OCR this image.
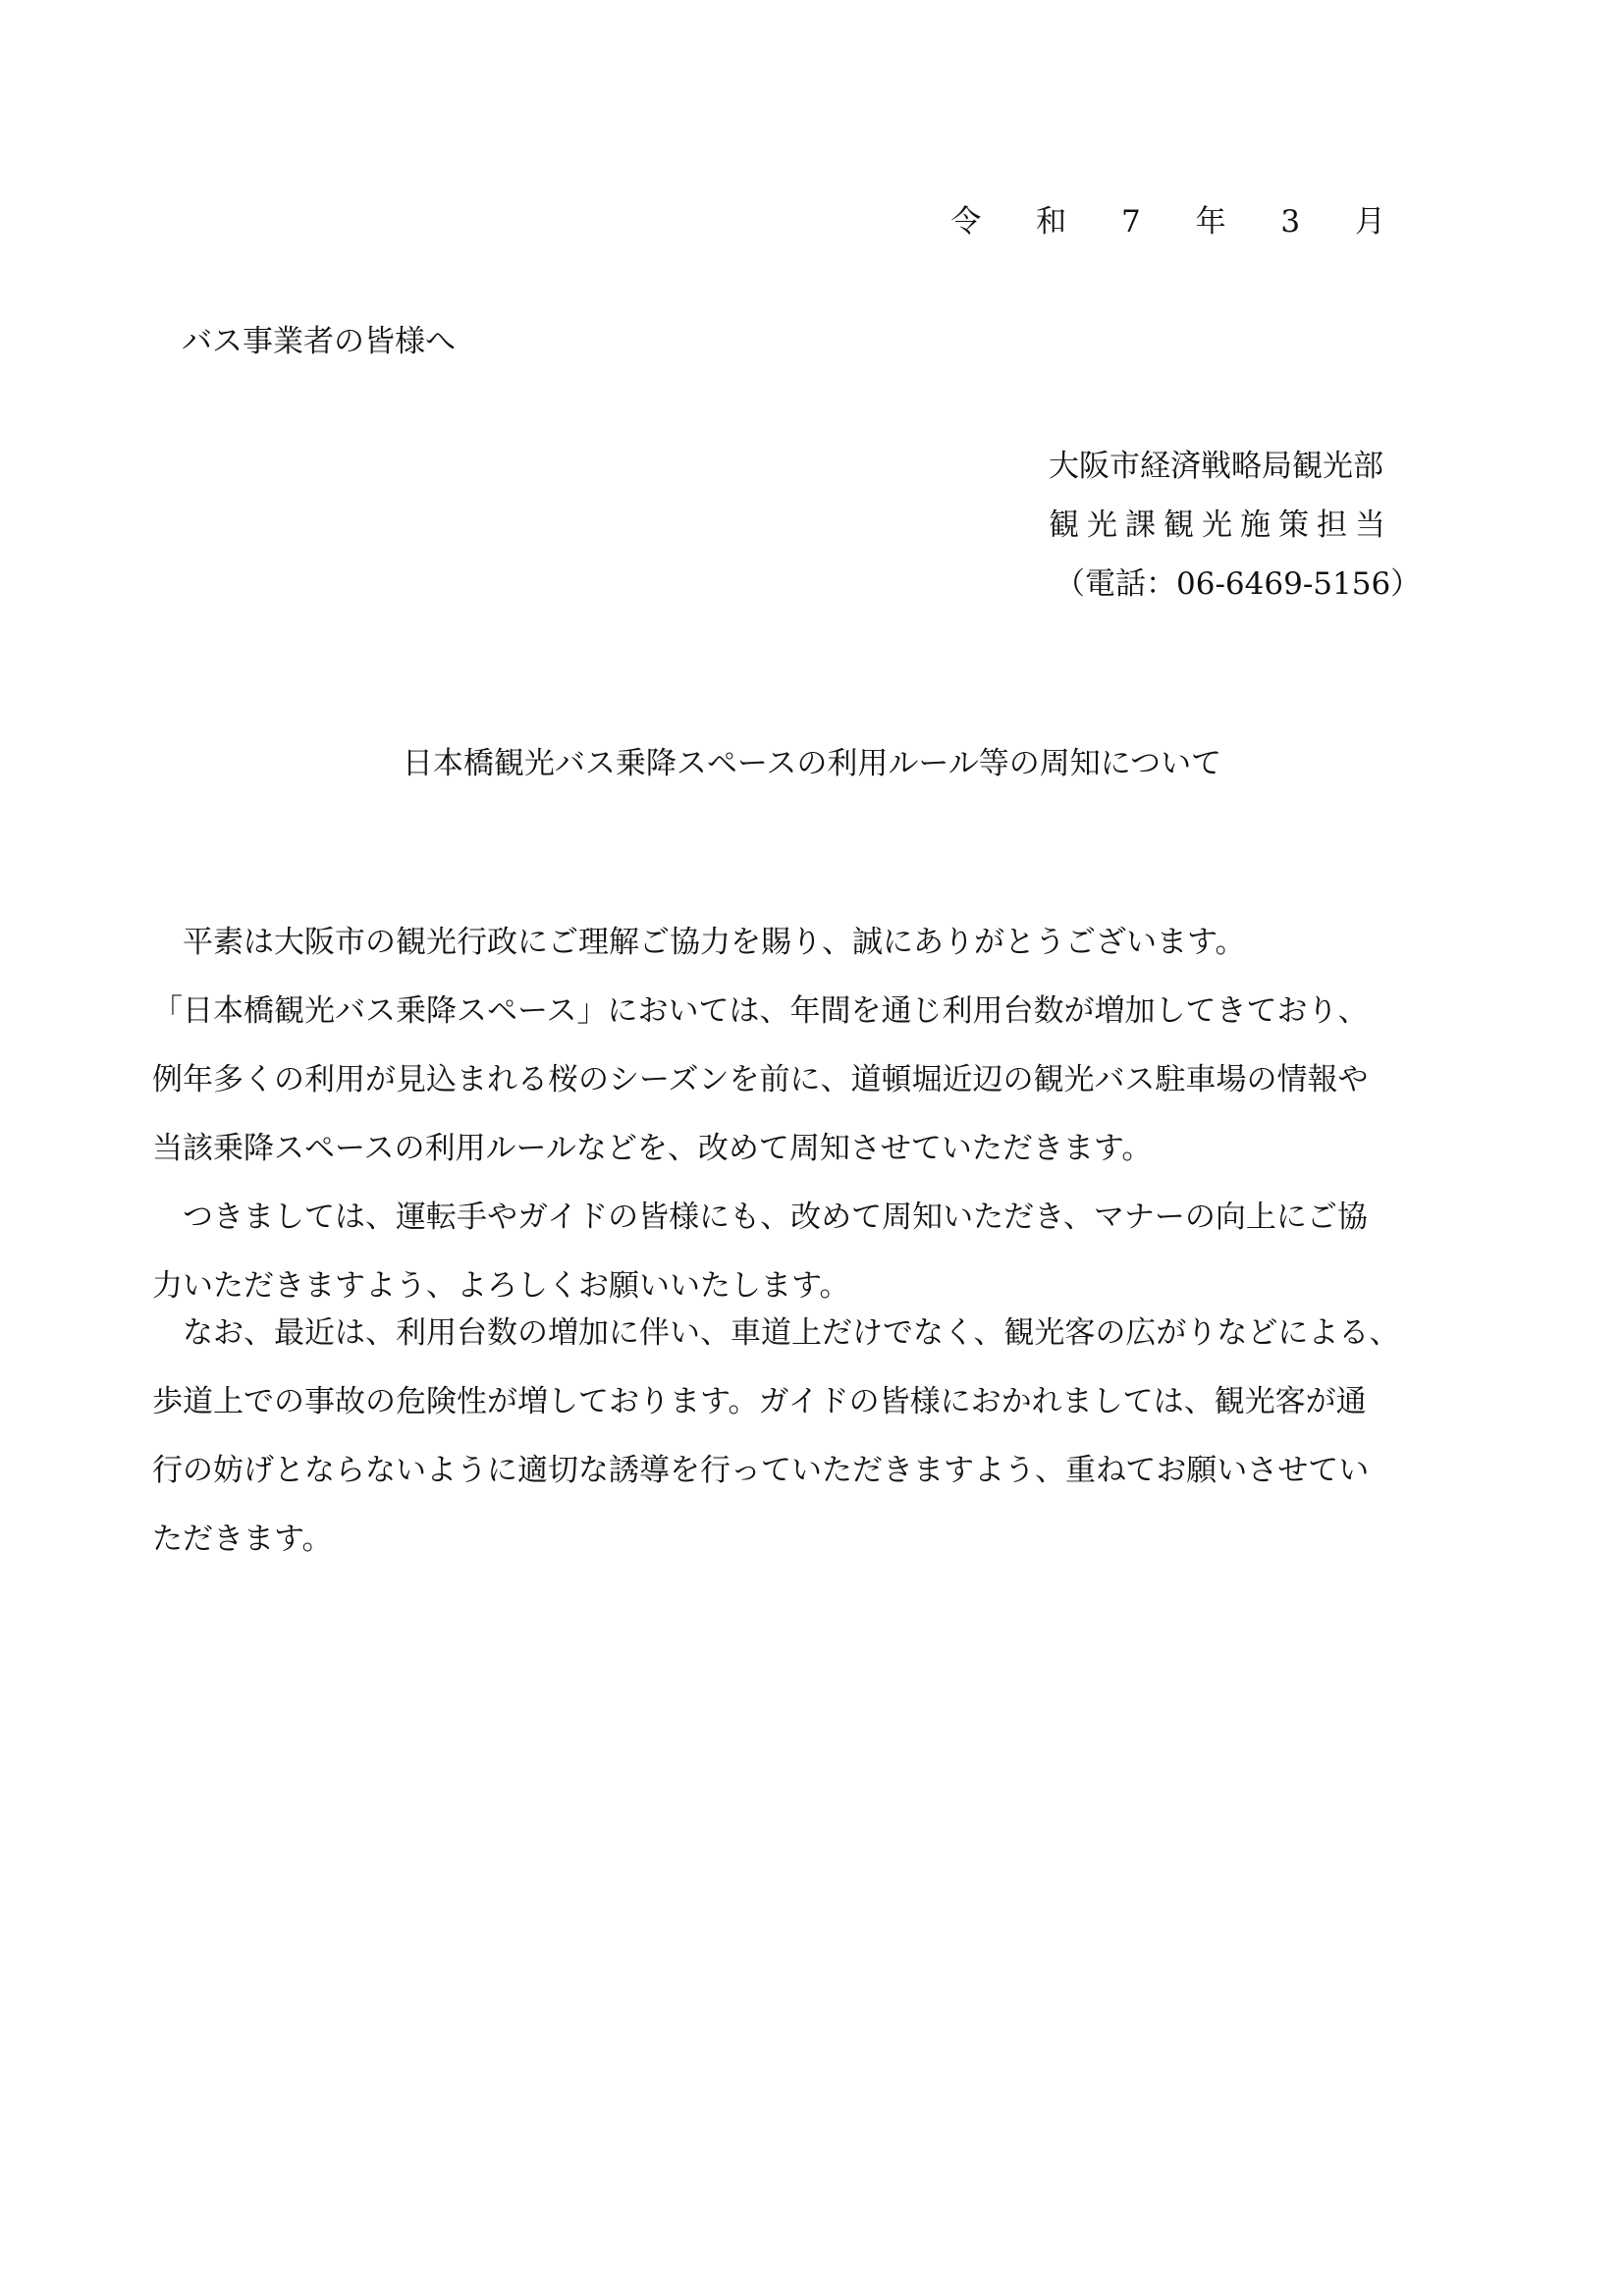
令 和 7 年 3 月
バス事業者の皆様へ
大阪市経済戦略局観光部
観光課観光施策担当
（電話：06-6469-5156）
日本橋観光バス乗降スペースの利用ルール等の周知について

　平素は大阪市の観光行政にご理解ご協力を賜り、誠にありがとうございます。

「日本橋観光バス乗降スペース」においては、年間を通じ利用台数が増加してきており、

例年多くの利用が見込まれる桜のシーズンを前に、道頓堀近辺の観光バス駐車場の情報や

当該乗降スペースの利用ルールなどを、改めて周知させていただきます。

　つきましては、運転手やガイドの皆様にも、改めて周知いただき、マナーの向上にご協

力いただきますよう、よろしくお願いいたします。

　なお、最近は、利用台数の増加に伴い、車道上だけでなく、観光客の広がりなどによる、

歩道上での事故の危険性が増しております。ガイドの皆様におかれましては、観光客が通

行の妨げとならないように適切な誘導を行っていただきますよう、重ねてお願いさせてい

ただきます。
